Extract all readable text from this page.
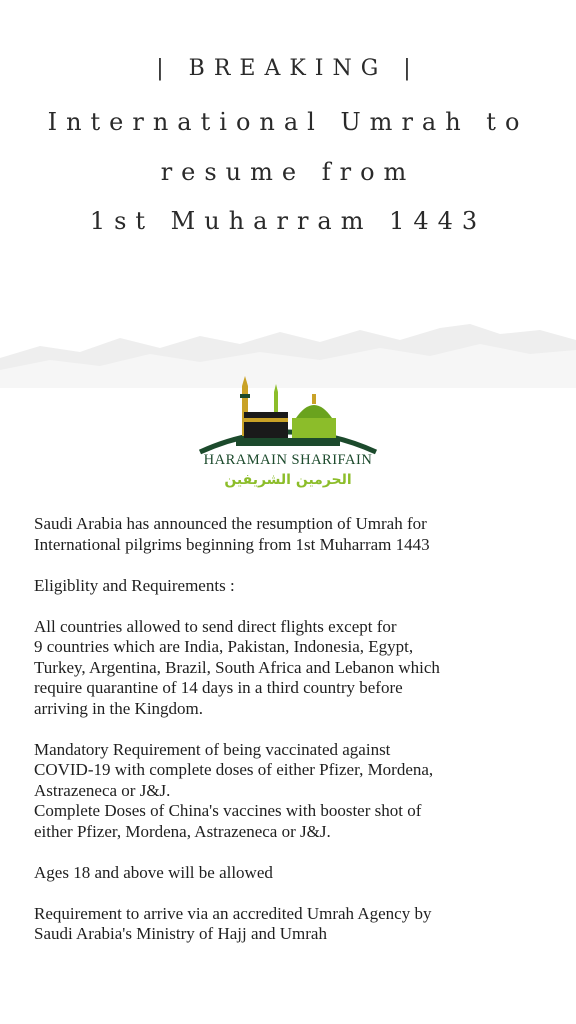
| BREAKING |
International Umrah to
resume from
1st Muharram 1443
HARAMAIN SHARIFAIN
الحرمين الشريفين

Saudi Arabia has announced the resumption of Umrah for
International pilgrims beginning from 1st Muharram 1443

Eligiblity and Requirements :

All countries allowed to send direct flights except for
9 countries which are India, Pakistan, Indonesia, Egypt,
Turkey, Argentina, Brazil, South Africa and Lebanon which
require quarantine of 14 days in a third country before
arriving in the Kingdom.

Mandatory Requirement of being vaccinated against
COVID-19 with complete doses of either Pfizer, Mordena,
Astrazeneca or J&J.
Complete Doses of China's vaccines with booster shot of
either Pfizer, Mordena, Astrazeneca or J&J.

Ages 18 and above will be allowed

Requirement to arrive via an accredited Umrah Agency by
Saudi Arabia's Ministry of Hajj and Umrah
